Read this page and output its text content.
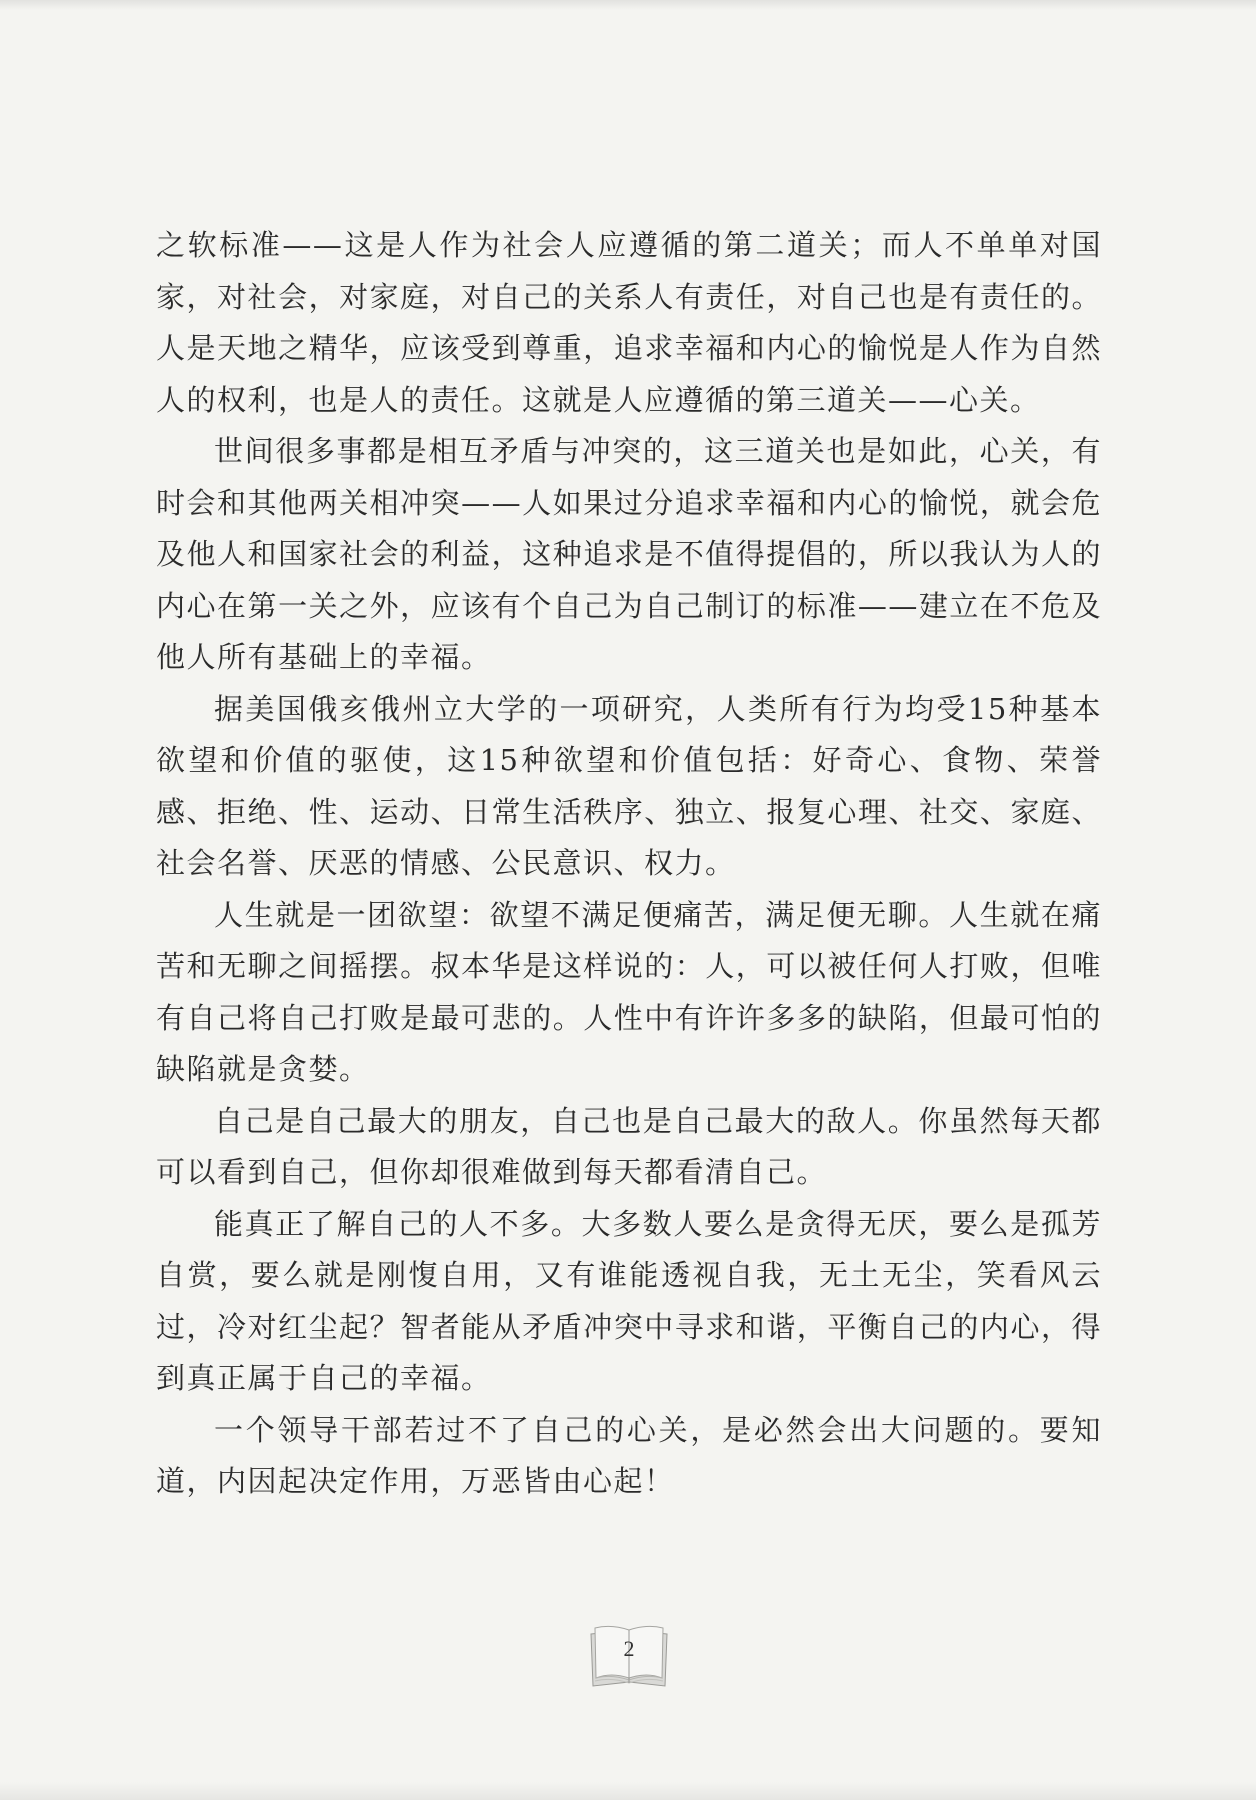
之软标准——这是人作为社会人应遵循的第二道关；而人不单单对国家，对社会，对家庭，对自己的关系人有责任，对自己也是有责任的。人是天地之精华，应该受到尊重，追求幸福和内心的愉悦是人作为自然人的权利，也是人的责任。这就是人应遵循的第三道关——心关。

世间很多事都是相互矛盾与冲突的，这三道关也是如此，心关，有时会和其他两关相冲突——人如果过分追求幸福和内心的愉悦，就会危及他人和国家社会的利益，这种追求是不值得提倡的，所以我认为人的内心在第一关之外，应该有个自己为自己制订的标准——建立在不危及他人所有基础上的幸福。

据美国俄亥俄州立大学的一项研究，人类所有行为均受15种基本欲望和价值的驱使，这15种欲望和价值包括：好奇心、食物、荣誉感、拒绝、性、运动、日常生活秩序、独立、报复心理、社交、家庭、社会名誉、厌恶的情感、公民意识、权力。

人生就是一团欲望：欲望不满足便痛苦，满足便无聊。人生就在痛苦和无聊之间摇摆。叔本华是这样说的：人，可以被任何人打败，但唯有自己将自己打败是最可悲的。人性中有许许多多的缺陷，但最可怕的缺陷就是贪婪。

自己是自己最大的朋友，自己也是自己最大的敌人。你虽然每天都可以看到自己，但你却很难做到每天都看清自己。

能真正了解自己的人不多。大多数人要么是贪得无厌，要么是孤芳自赏，要么就是刚愎自用，又有谁能透视自我，无土无尘，笑看风云过，冷对红尘起？智者能从矛盾冲突中寻求和谐，平衡自己的内心，得到真正属于自己的幸福。

一个领导干部若过不了自己的心关，是必然会出大问题的。要知道，内因起决定作用，万恶皆由心起！

2
